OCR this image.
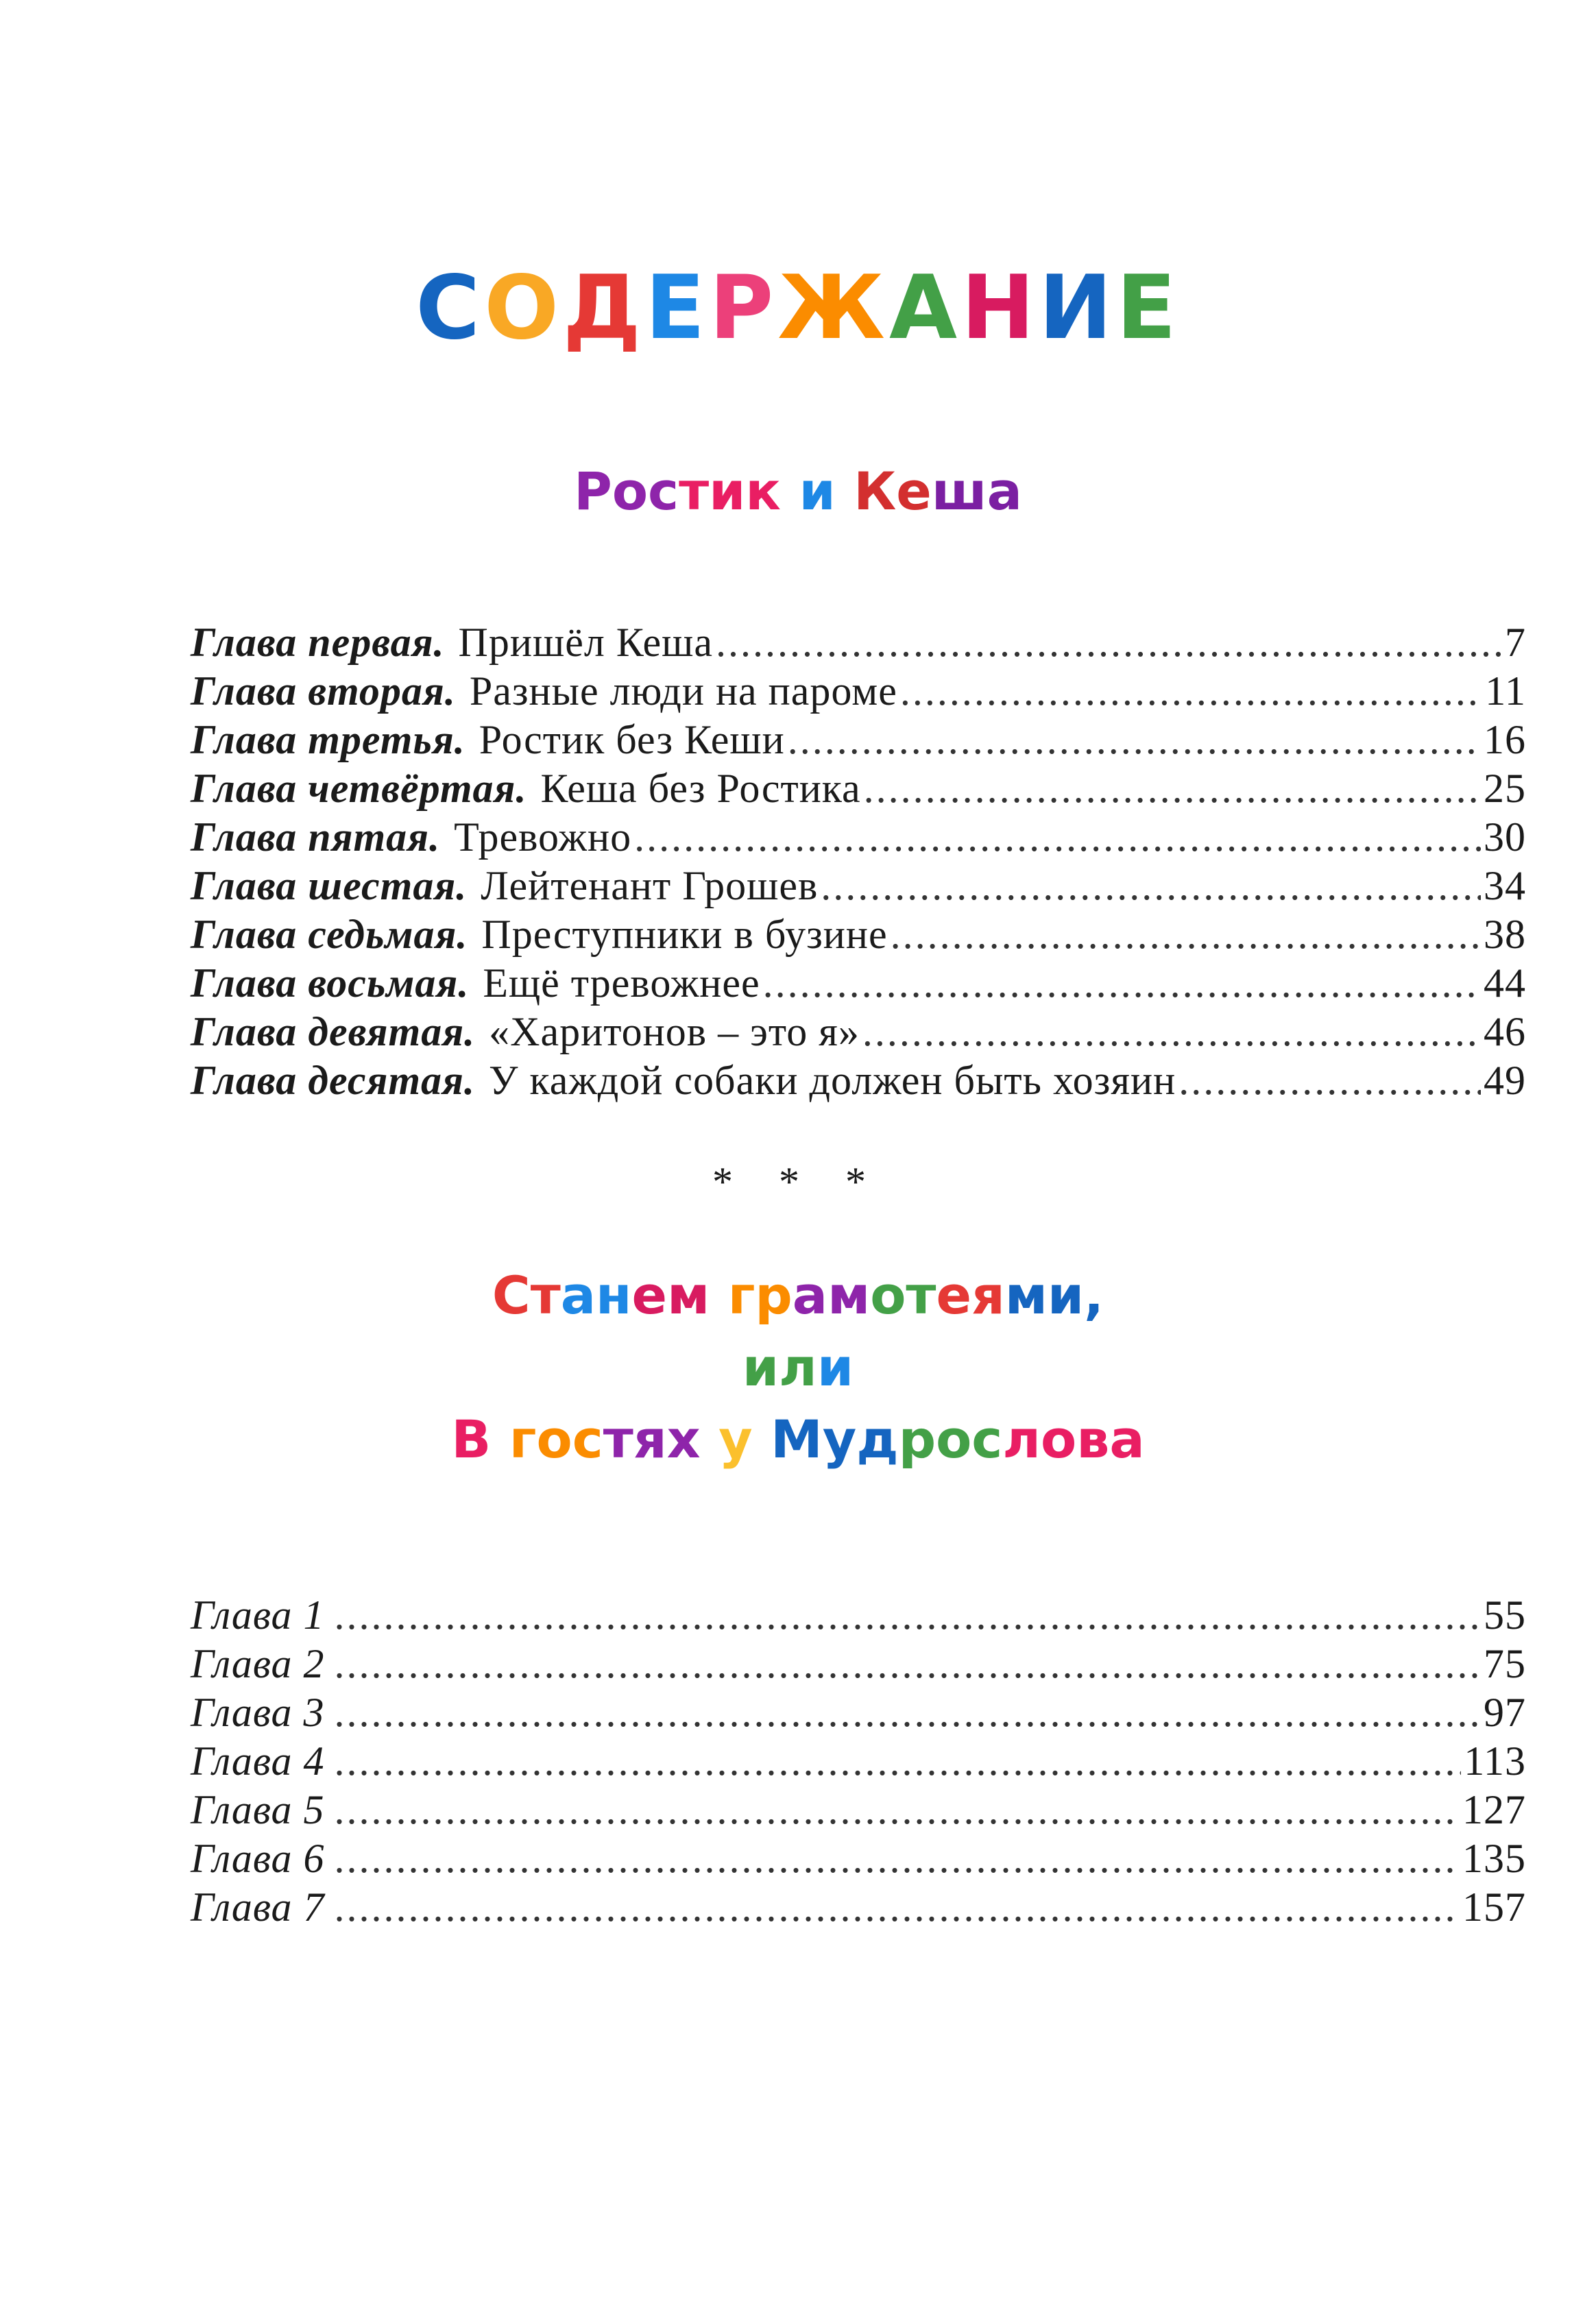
СОДЕРЖАНИЕ
Ростик и Кеша
Глава первая. Пришёл Кеша .....	7
Глава вторая. Разные люди на пароме .....	11
Глава третья. Ростик без Кеши .....	16
Глава четвёртая. Кеша без Ростика .....	25
Глава пятая. Тревожно .....	30
Глава шестая. Лейтенант Грошев .....	34
Глава седьмая. Преступники в бузине .....	38
Глава восьмая. Ещё тревожнее .....	44
Глава девятая. «Харитонов – это я» .....	46
Глава десятая. У каждой собаки должен быть хозяин .....	49
* * *
Станем грамотеями,
или
В гостях у Мудрослова
Глава 1 .....	55
Глава 2 .....	75
Глава 3 .....	97
Глава 4 .....	113
Глава 5 .....	127
Глава 6 .....	135
Глава 7 .....	157
